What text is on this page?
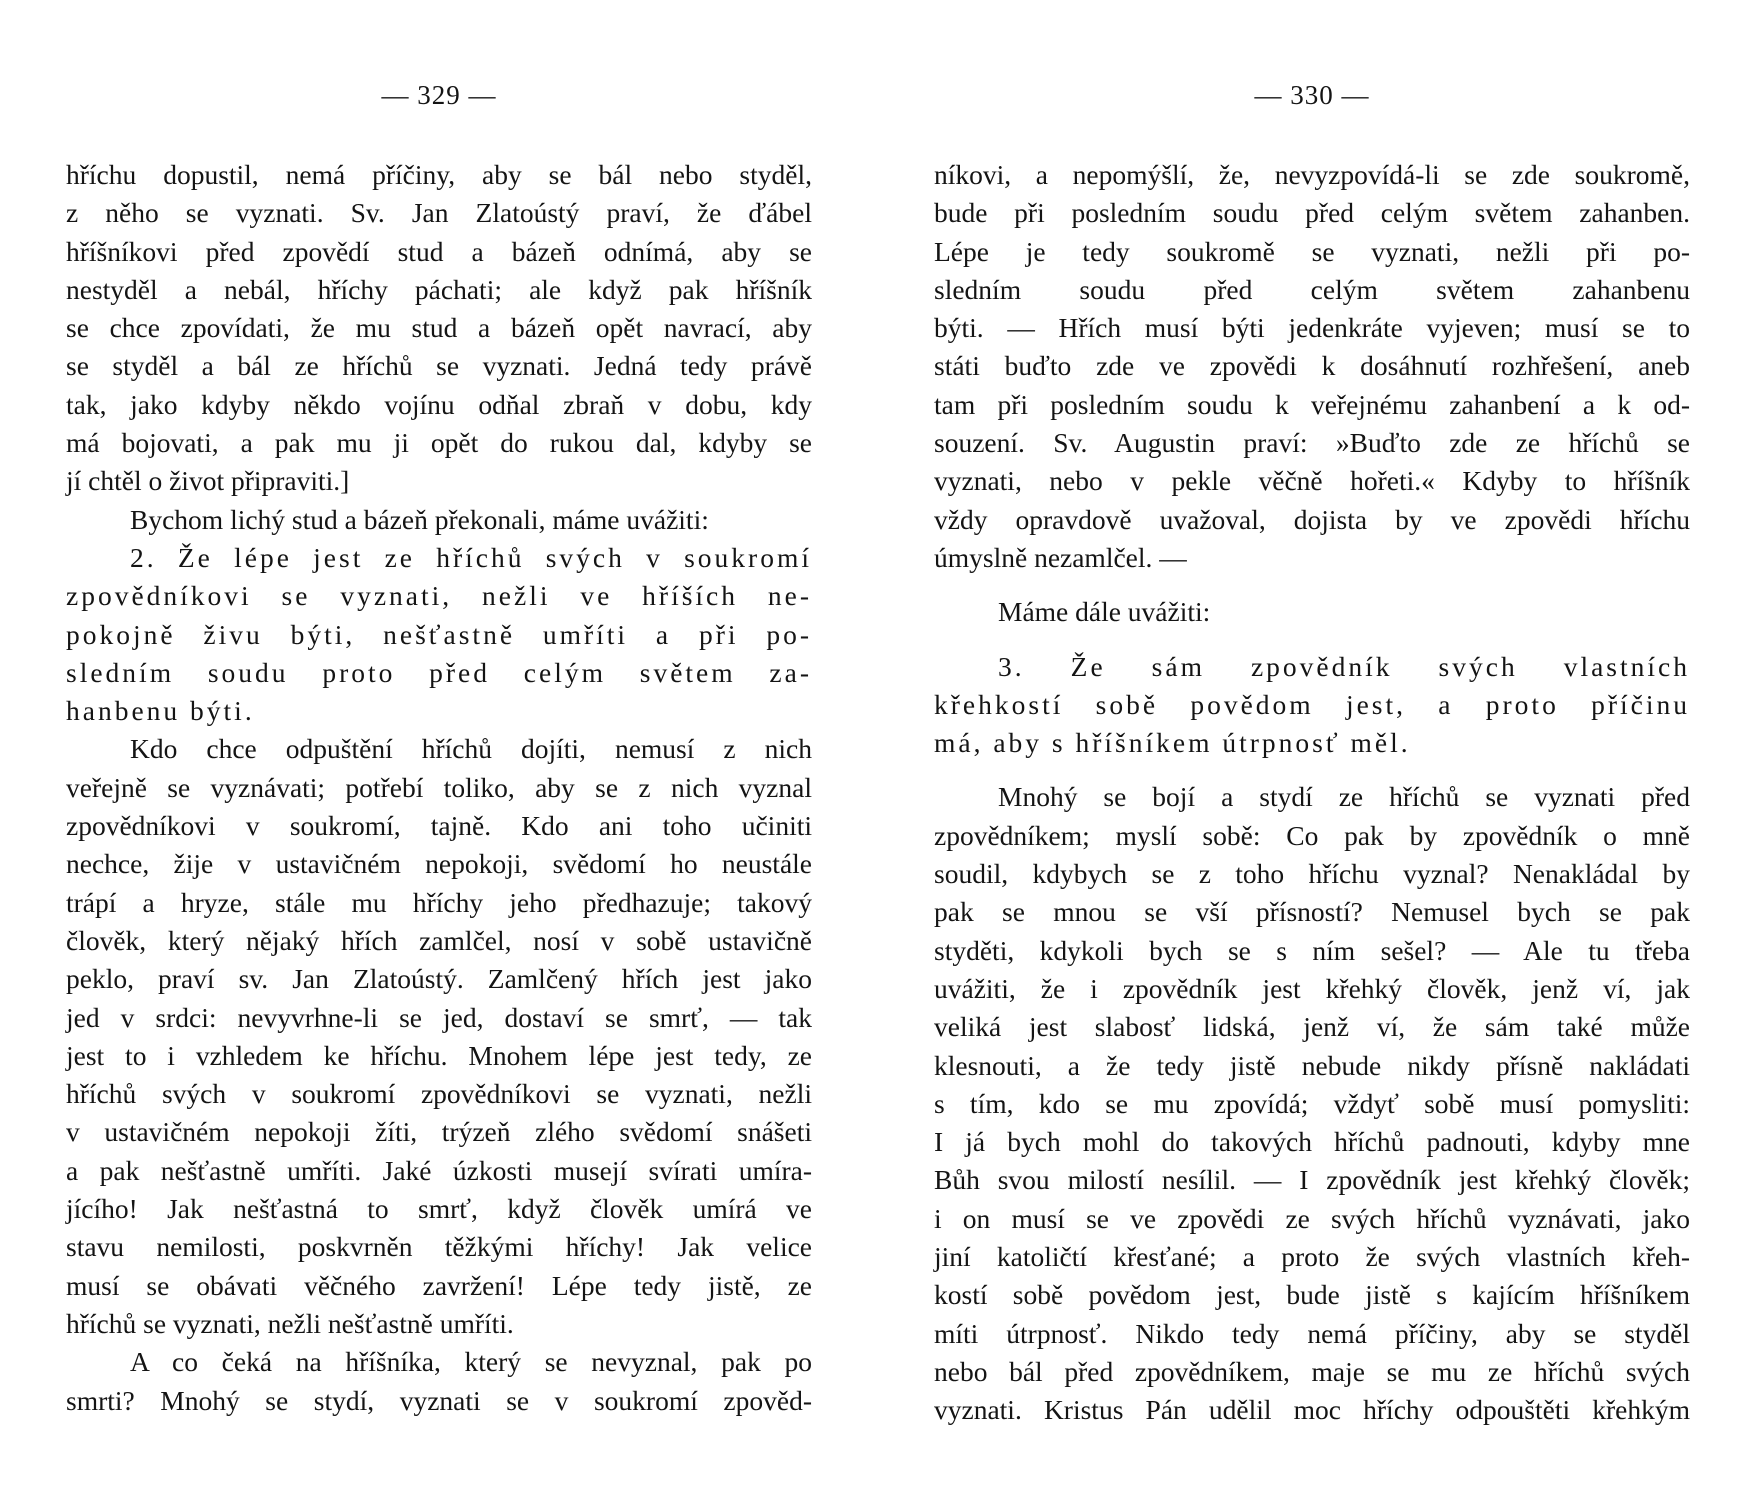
— 329 —
hříchu dopustil, nemá příčiny, aby se bál nebo styděl,
z něho se vyznati. Sv. Jan Zlatoústý praví, že ďábel
hříšníkovi před zpovědí stud a bázeň odnímá, aby se
nestyděl a nebál, hříchy páchati; ale když pak hříšník
se chce zpovídati, že mu stud a bázeň opět navrací, aby
se styděl a bál ze hříchů se vyznati. Jedná tedy právě
tak, jako kdyby někdo vojínu odňal zbraň v dobu, kdy
má bojovati, a pak mu ji opět do rukou dal, kdyby se
jí chtěl o život připraviti.]
Bychom lichý stud a bázeň překonali, máme uvážiti:
2. Že lépe jest ze hříchů svých v soukromí
zpovědníkovi se vyznati, nežli ve hříších ne-
pokojně živu býti, nešťastně umříti a při po-
sledním soudu proto před celým světem za-
hanbenu býti.
Kdo chce odpuštění hříchů dojíti, nemusí z nich
veřejně se vyznávati; potřebí toliko, aby se z nich vyznal
zpovědníkovi v soukromí, tajně. Kdo ani toho učiniti
nechce, žije v ustavičném nepokoji, svědomí ho neustále
trápí a hryze, stále mu hříchy jeho předhazuje; takový
člověk, který nějaký hřích zamlčel, nosí v sobě ustavičně
peklo, praví sv. Jan Zlatoústý. Zamlčený hřích jest jako
jed v srdci: nevyvrhne-li se jed, dostaví se smrť, — tak
jest to i vzhledem ke hříchu. Mnohem lépe jest tedy, ze
hříchů svých v soukromí zpovědníkovi se vyznati, nežli
v ustavičném nepokoji žíti, trýzeň zlého svědomí snášeti
a pak nešťastně umříti. Jaké úzkosti musejí svírati umíra-
jícího! Jak nešťastná to smrť, když člověk umírá ve
stavu nemilosti, poskvrněn těžkými hříchy! Jak velice
musí se obávati věčného zavržení! Lépe tedy jistě, ze
hříchů se vyznati, nežli nešťastně umříti.
A co čeká na hříšníka, který se nevyznal, pak po
smrti? Mnohý se stydí, vyznati se v soukromí zpověd-
— 330 —
níkovi, a nepomýšlí, že, nevyzpovídá-li se zde soukromě,
bude při posledním soudu před celým světem zahanben.
Lépe je tedy soukromě se vyznati, nežli při po-
sledním soudu před celým světem zahanbenu
býti. — Hřích musí býti jedenkráte vyjeven; musí se to
státi buďto zde ve zpovědi k dosáhnutí rozhřešení, aneb
tam při posledním soudu k veřejnému zahanbení a k od-
souzení. Sv. Augustin praví: »Buďto zde ze hříchů se
vyznati, nebo v pekle věčně hořeti.« Kdyby to hříšník
vždy opravdově uvažoval, dojista by ve zpovědi hříchu
úmyslně nezamlčel. —
Máme dále uvážiti:
3. Že sám zpovědník svých vlastních
křehkostí sobě povědom jest, a proto příčinu
má, aby s hříšníkem útrpnosť měl.
Mnohý se bojí a stydí ze hříchů se vyznati před
zpovědníkem; myslí sobě: Co pak by zpovědník o mně
soudil, kdybych se z toho hříchu vyznal? Nenakládal by
pak se mnou se vší přísností? Nemusel bych se pak
styděti, kdykoli bych se s ním sešel? — Ale tu třeba
uvážiti, že i zpovědník jest křehký člověk, jenž ví, jak
veliká jest slabosť lidská, jenž ví, že sám také může
klesnouti, a že tedy jistě nebude nikdy přísně nakládati
s tím, kdo se mu zpovídá; vždyť sobě musí pomysliti:
I já bych mohl do takových hříchů padnouti, kdyby mne
Bůh svou milostí nesílil. — I zpovědník jest křehký člověk;
i on musí se ve zpovědi ze svých hříchů vyznávati, jako
jiní katoličtí křesťané; a proto že svých vlastních křeh-
kostí sobě povědom jest, bude jistě s kajícím hříšníkem
míti útrpnosť. Nikdo tedy nemá příčiny, aby se styděl
nebo bál před zpovědníkem, maje se mu ze hříchů svých
vyznati. Kristus Pán udělil moc hříchy odpouštěti křehkým
